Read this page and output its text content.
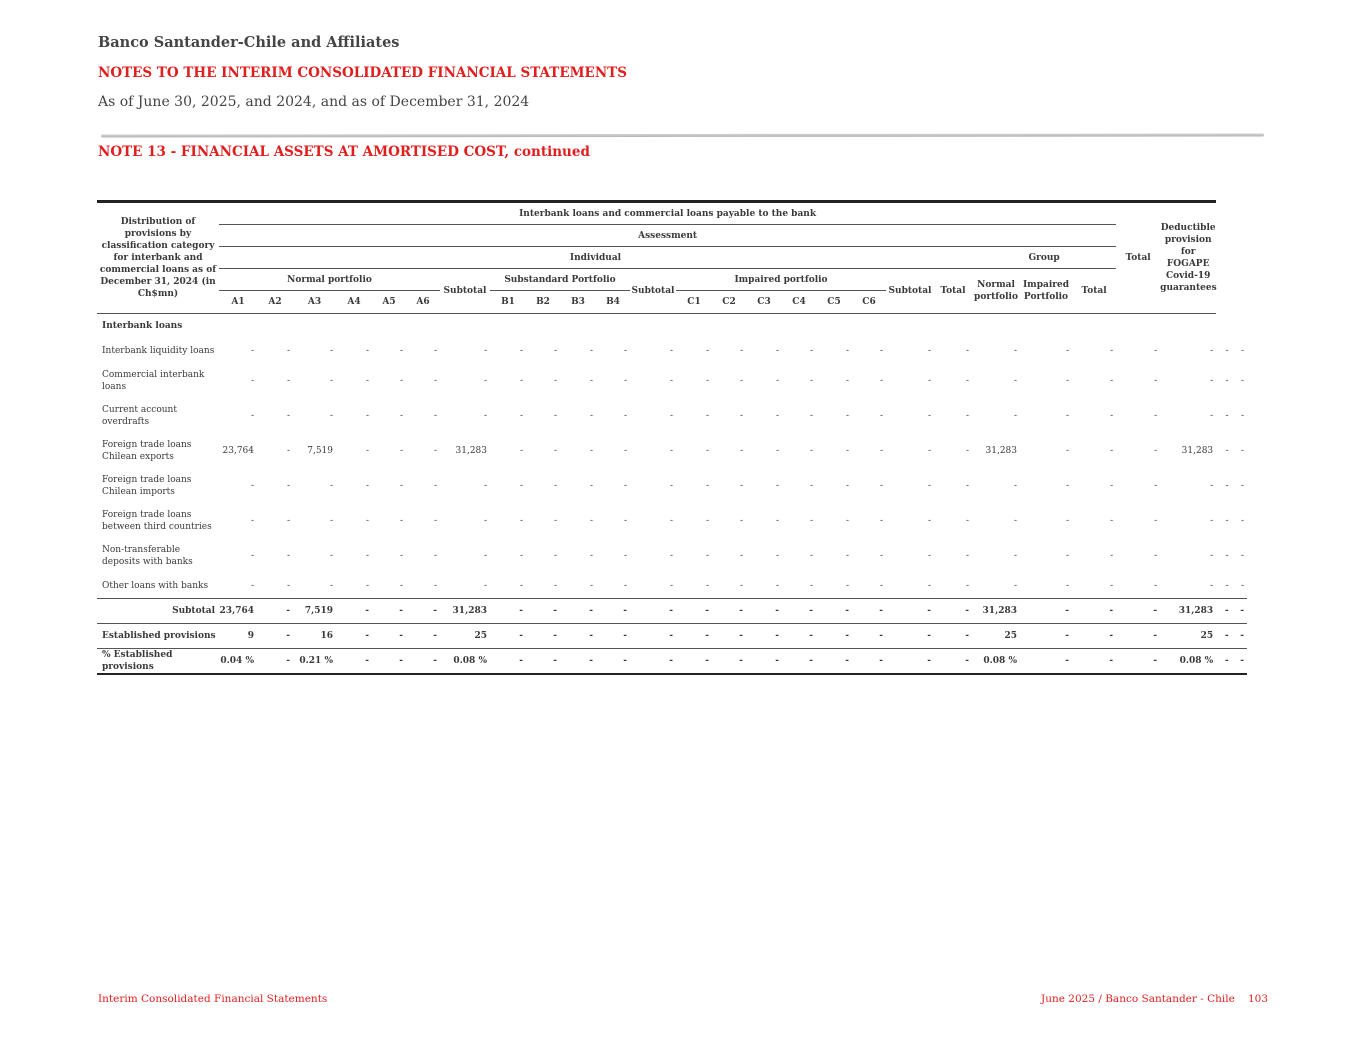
Banco Santander-Chile and Affiliates
NOTES TO THE INTERIM CONSOLIDATED FINANCIAL STATEMENTS
As of June 30, 2025, and 2024, and as of December 31, 2024
NOTE 13 - FINANCIAL ASSETS AT AMORTISED COST, continued
Distribution of provisions by classification category for interbank and commercial loans as of December 31, 2024 (in Ch$mn)	Interbank loans and commercial loans payable to the bank																							Total	Deductible provision for FOGAPE Covid-19 guarantees		
	Assessment																										
	Individual																				Group						
	Normal portfolio						Subtotal	Substandard Portfolio				Subtotal	Impaired portfolio						Subtotal	Total	Normal portfolio	Impaired Portfolio	Total				
	A1	A2	A3	A4	A5	A6		B1	B2	B3	B4		C1	C2	C3	C4	C5	C6									
Interbank loans																											
Interbank liquidity loans	-	-	-	-	-	-	-	-	-	-	-	-	-	-	-	-	-	-	-	-	-	-	-	-	-	-	-
Commercial interbank loans	-	-	-	-	-	-	-	-	-	-	-	-	-	-	-	-	-	-	-	-	-	-	-	-	-	-	-
Current account overdrafts	-	-	-	-	-	-	-	-	-	-	-	-	-	-	-	-	-	-	-	-	-	-	-	-	-	-	-
Foreign trade loans Chilean exports	23,764	-	7,519	-	-	-	31,283	-	-	-	-	-	-	-	-	-	-	-	-	-	31,283	-	-	-	31,283	-	-
Foreign trade loans Chilean imports	-	-	-	-	-	-	-	-	-	-	-	-	-	-	-	-	-	-	-	-	-	-	-	-	-	-	-
Foreign trade loans between third countries	-	-	-	-	-	-	-	-	-	-	-	-	-	-	-	-	-	-	-	-	-	-	-	-	-	-	-
Non-transferable deposits with banks	-	-	-	-	-	-	-	-	-	-	-	-	-	-	-	-	-	-	-	-	-	-	-	-	-	-	-
Other loans with banks	-	-	-	-	-	-	-	-	-	-	-	-	-	-	-	-	-	-	-	-	-	-	-	-	-	-	-
Subtotal	23,764	-	7,519	-	-	-	31,283	-	-	-	-	-	-	-	-	-	-	-	-	-	31,283	-	-	-	31,283	-	-
Established provisions	9	-	16	-	-	-	25	-	-	-	-	-	-	-	-	-	-	-	-	-	25	-	-	-	25	-	-
% Established provisions	0.04 %	-	0.21 %	-	-	-	0.08 %	-	-	-	-	-	-	-	-	-	-	-	-	-	0.08 %	-	-	-	0.08 %	-	-
Interim Consolidated Financial Statements	June 2025 / Banco Santander - Chile 103
